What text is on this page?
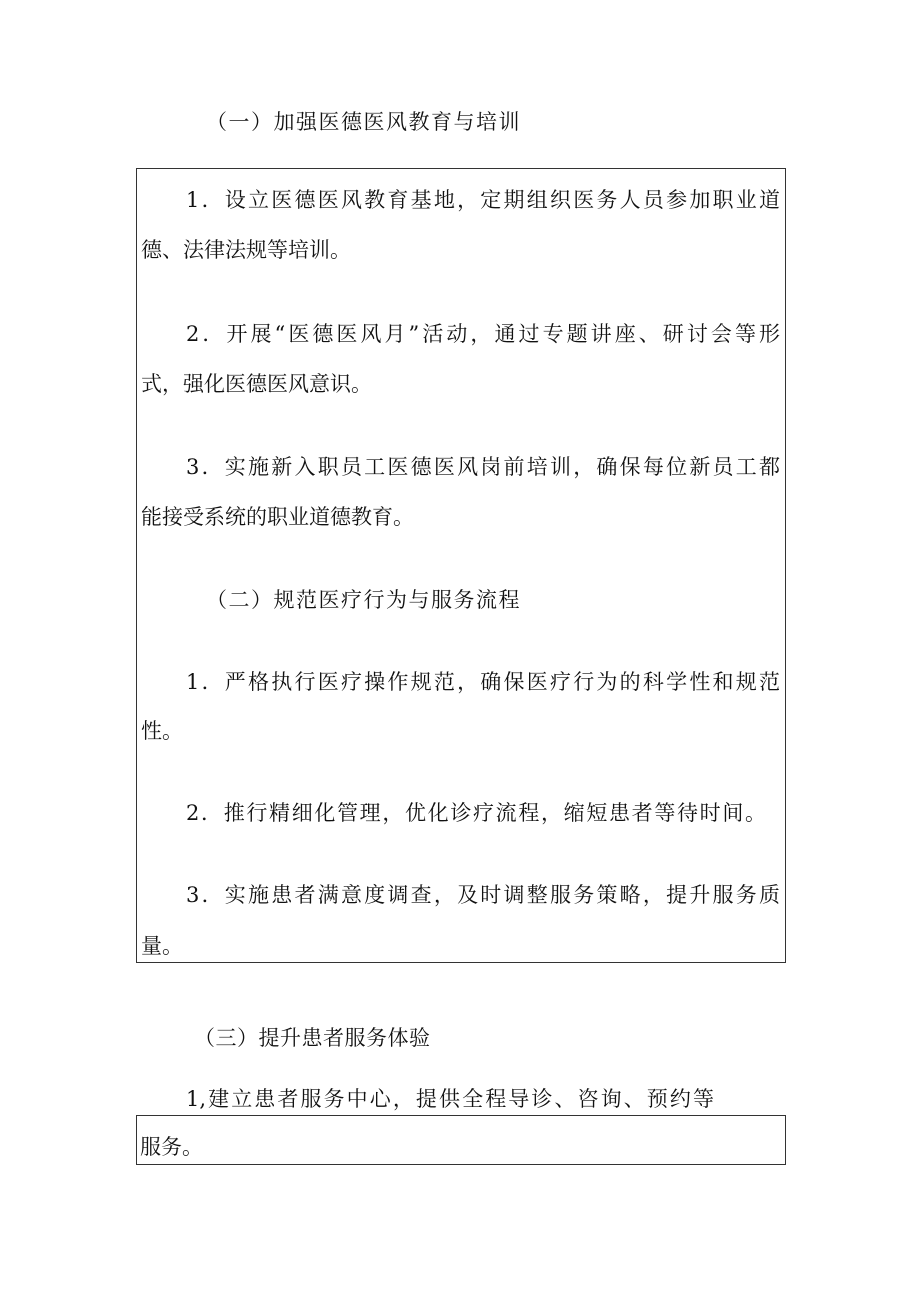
（一）加强医德医风教育与培训
1．设立医德医风教育基地，定期组织医务人员参加职业道
德、法律法规等培训。
2．开展“医德医风月”活动，通过专题讲座、研讨会等形
式，强化医德医风意识。
3．实施新入职员工医德医风岗前培训，确保每位新员工都
能接受系统的职业道德教育。
（二）规范医疗行为与服务流程
1．严格执行医疗操作规范，确保医疗行为的科学性和规范
性。
2．推行精细化管理，优化诊疗流程，缩短患者等待时间。
3．实施患者满意度调查，及时调整服务策略，提升服务质
量。
（三）提升患者服务体验
1,建立患者服务中心，提供全程导诊、咨询、预约等
服务。
